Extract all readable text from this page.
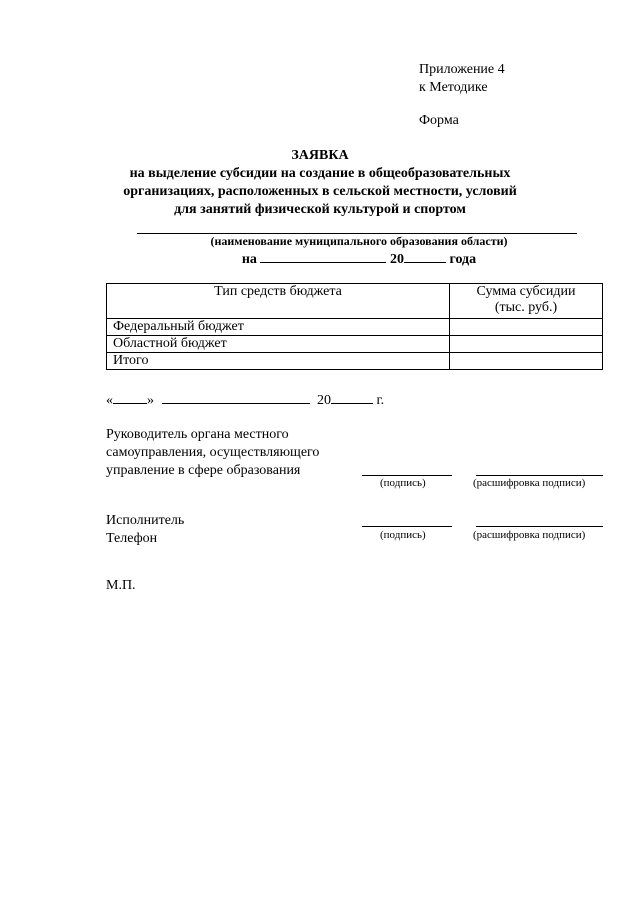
Приложение 4
к Методике
Форма
ЗАЯВКА
на выделение субсидии на создание в общеобразовательных
организациях, расположенных в сельской местности, условий
для занятий физической культурой и спортом
(наименование муниципального образования области)
на	20	года
Тип средств бюджета	Сумма субсидии
(тыс. руб.)

Федеральный бюджет	
Областной бюджет	
Итого	
« »	20	г.
Руководитель органа местного
самоуправления, осуществляющего
управление в сфере образования
(подпись)	(расшифровка подписи)
Исполнитель
Телефон	(подпись)	(расшифровка подписи)
М.П.
